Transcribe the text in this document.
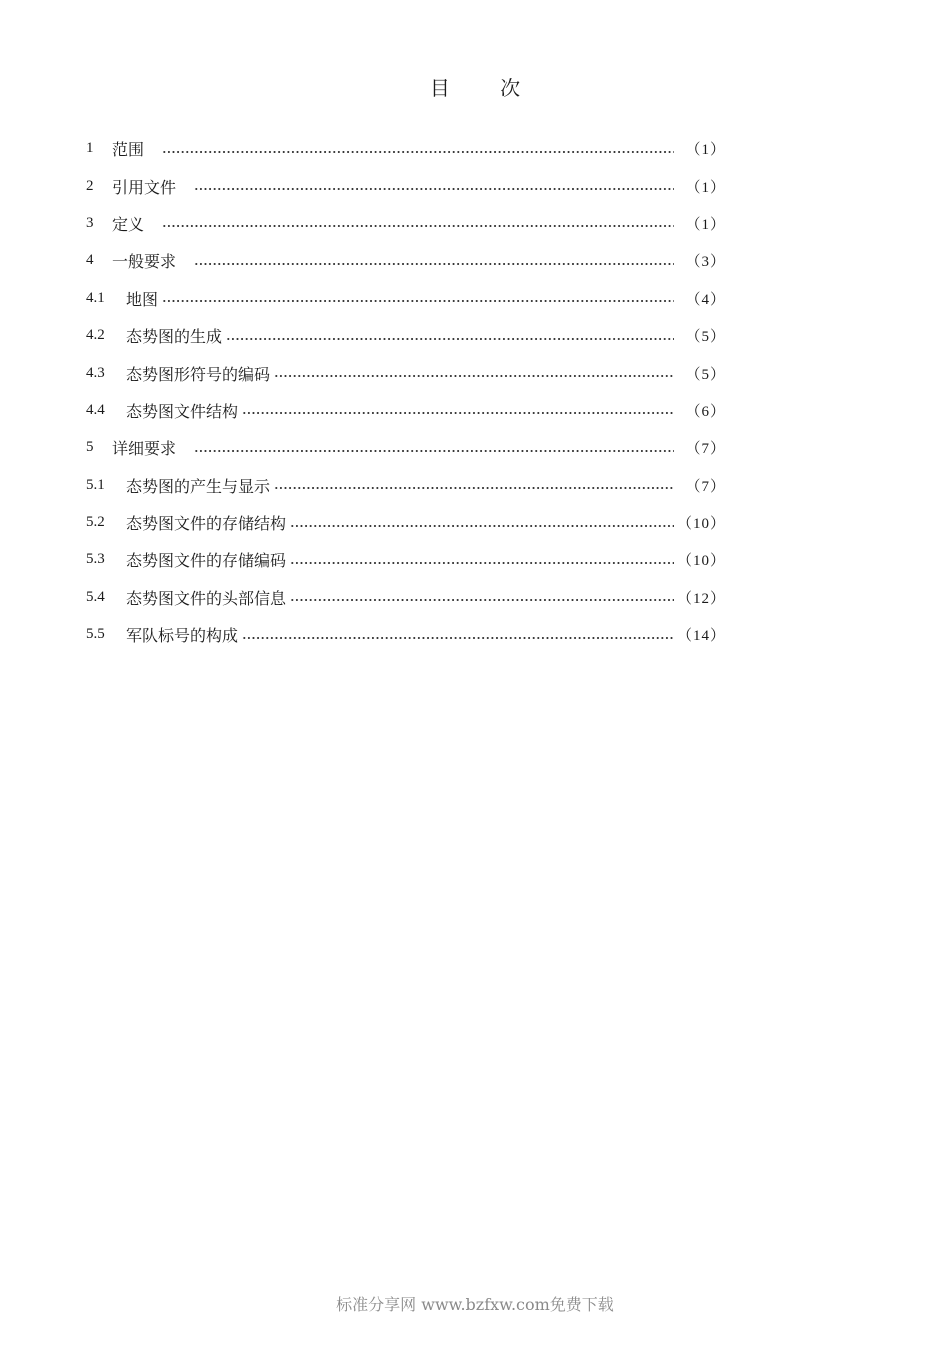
目 次
1	范围	（1）
2	引用文件	（1）
3	定义	（1）
4	一般要求	（3）
4.1	地图	（4）
4.2	态势图的生成	（5）
4.3	态势图形符号的编码	（5）
4.4	态势图文件结构	（6）
5	详细要求	（7）
5.1	态势图的产生与显示	（7）
5.2	态势图文件的存储结构	（10）
5.3	态势图文件的存储编码	（10）
5.4	态势图文件的头部信息	（12）
5.5	军队标号的构成	（14）
标准分享网 www.bzfxw.com免费下载
